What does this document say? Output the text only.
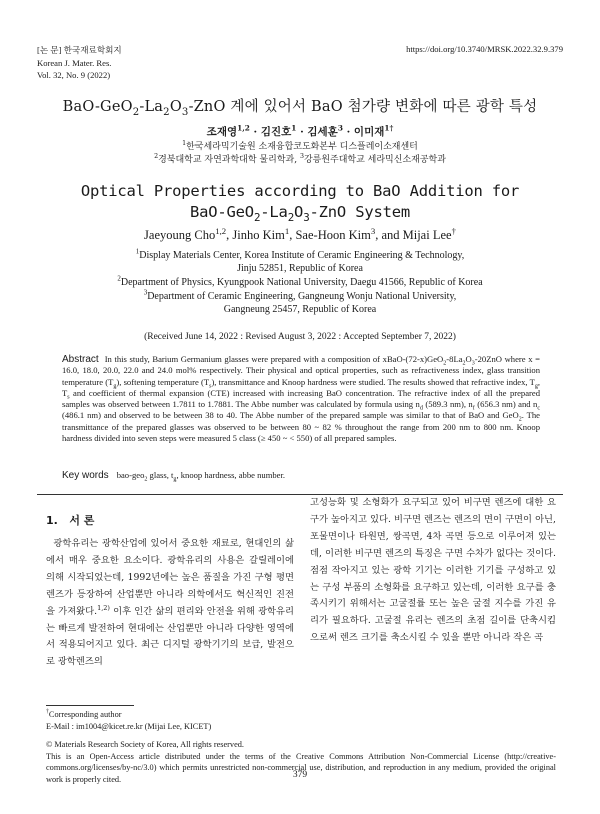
[논 문] 한국재료학회지
Korean J. Mater. Res.
Vol. 32, No. 9 (2022)
https://doi.org/10.3740/MRSK.2022.32.9.379
BaO-$GeO_2-La_2O_3$-ZnO 계에 있어서 BaO 첨가량 변화에 따른 광학 특성
조재영$^{1,2}$ · 김진호$^1$ · 김세훈$^3$ · 이미재$^{1\dagger}$
$^1$한국세라믹기술원 소재융합코도화본부 디스플레이소재센터
$^2$경북대학교 자연과학대학 물리학과, $^3$강릉원주대학교 세라믹신소재공학과
Optical Properties according to BaO Addition for
BaO-$GeO_2-La_2O_3$-ZnO System
Jaeyoung Cho$^{1,2}$, Jinho Kim$^1$, Sae-Hoon Kim$^3$, and Mijai Lee†

$^1$Display Materials Center, Korea Institute of Ceramic Engineering & Technology,
Jinju 52851, Republic of Korea

$^2$Department of Physics, Kyungpook National University, Daegu 41566, Republic of Korea

$^3$Department of Ceramic Engineering, Gangneung Wonju National University,
Gangneung 25457, Republic of Korea

(Received June 14, 2022 : Revised August 3, 2022 : Accepted September 7, 2022)
Abstract In this study, Barium Germanium glasses were prepared with a composition of xBaO-$(72-x)GeO_2-8La_2O_3-20ZnO$ where x = 16.0, 18.0, 20.0, 22.0 and 24.0 mol% respectively. Their physical and optical properties, such as refractiveness index, glass transition temperature $(T_g)$, softening temperature $(T_s)$, transmittance and Knoop hardness were studied. The results showed that refractive index, $T_g$, $T_s$ and coefficient of thermal expansion (CTE) increased with increasing BaO concentration. The refractive index of all the prepared samples was observed between 1.7811 to 1.7881. The Abbe number was calculated by formula using $n_d$ (589.3 nm), $n_f$ (656.3 nm) and $n_c$ (486.1 nm) and observed to be between 38 to 40. The Abbe number of the prepared sample was similar to that of BaO and GeO$_2$. The transmittance of the prepared glasses was observed to be between 80 ~ 82 % throughout the range from 200 nm to 800 nm. Knoop hardness divided into seven steps were measured 5 class (≥ 450 ~ < 550) of all prepared samples.
Key words bao-geo$_2$ glass, $t_g$, knoop hardness, abbe number.
1. 서 론

광학유리는 광학산업에 있어서 중요한 재료로, 현대인의 삶에서 매우 중요한 요소이다. 광학유리의 사용은 갈릴레이에 의해 시작되었는데, 1992년에는 높은 품질을 가진 구형 평면 렌즈가 등장하여 산업뿐만 아니라 의학에서도 혁신적인 진전을 가져왔다.$^{1,2)}$ 이후 인간 삶의 편리와 안전을 위해 광학유리는 빠르게 발전하여 현대에는 산업뿐만 아니라 다양한 영역에서 적용되어지고 있다. 최근 디지털 광학기기의 보급, 발전으로 광학렌즈의

고성능화 및 소형화가 요구되고 있어 비구면 렌즈에 대한 요구가 높아지고 있다. 비구면 렌즈는 렌즈의 면이 구면이 아닌, 포물면이나 타원면, 쌍곡면, 4차 곡면 등으로 이루어져 있는데, 이러한 비구면 렌즈의 특징은 구면 수차가 없다는 것이다. 점점 작아지고 있는 광학 기기는 이러한 기기를 구성하고 있는 구성 부품의 소형화를 요구하고 있는데, 이러한 요구를 충족시키기 위해서는 고굴절률 또는 높은 굴절 지수를 가진 유리가 필요하다. 고굴절 유리는 렌즈의 초점 길이를 단축시킴으로써 렌즈 크기를 축소시킬 수 있을 뿐만 아니라 작은 곡

†Corresponding author
E-Mail : im1004@kicet.re.kr (Mijai Lee, KICET)

© Materials Research Society of Korea, All rights reserved.

This is an Open-Access article distributed under the terms of the Creative Commons Attribution Non-Commercial License (http://creative-commons.org/licenses/by-nc/3.0) which permits unrestricted non-commercial use, distribution, and reproduction in any medium, provided the original work is properly cited.	379
